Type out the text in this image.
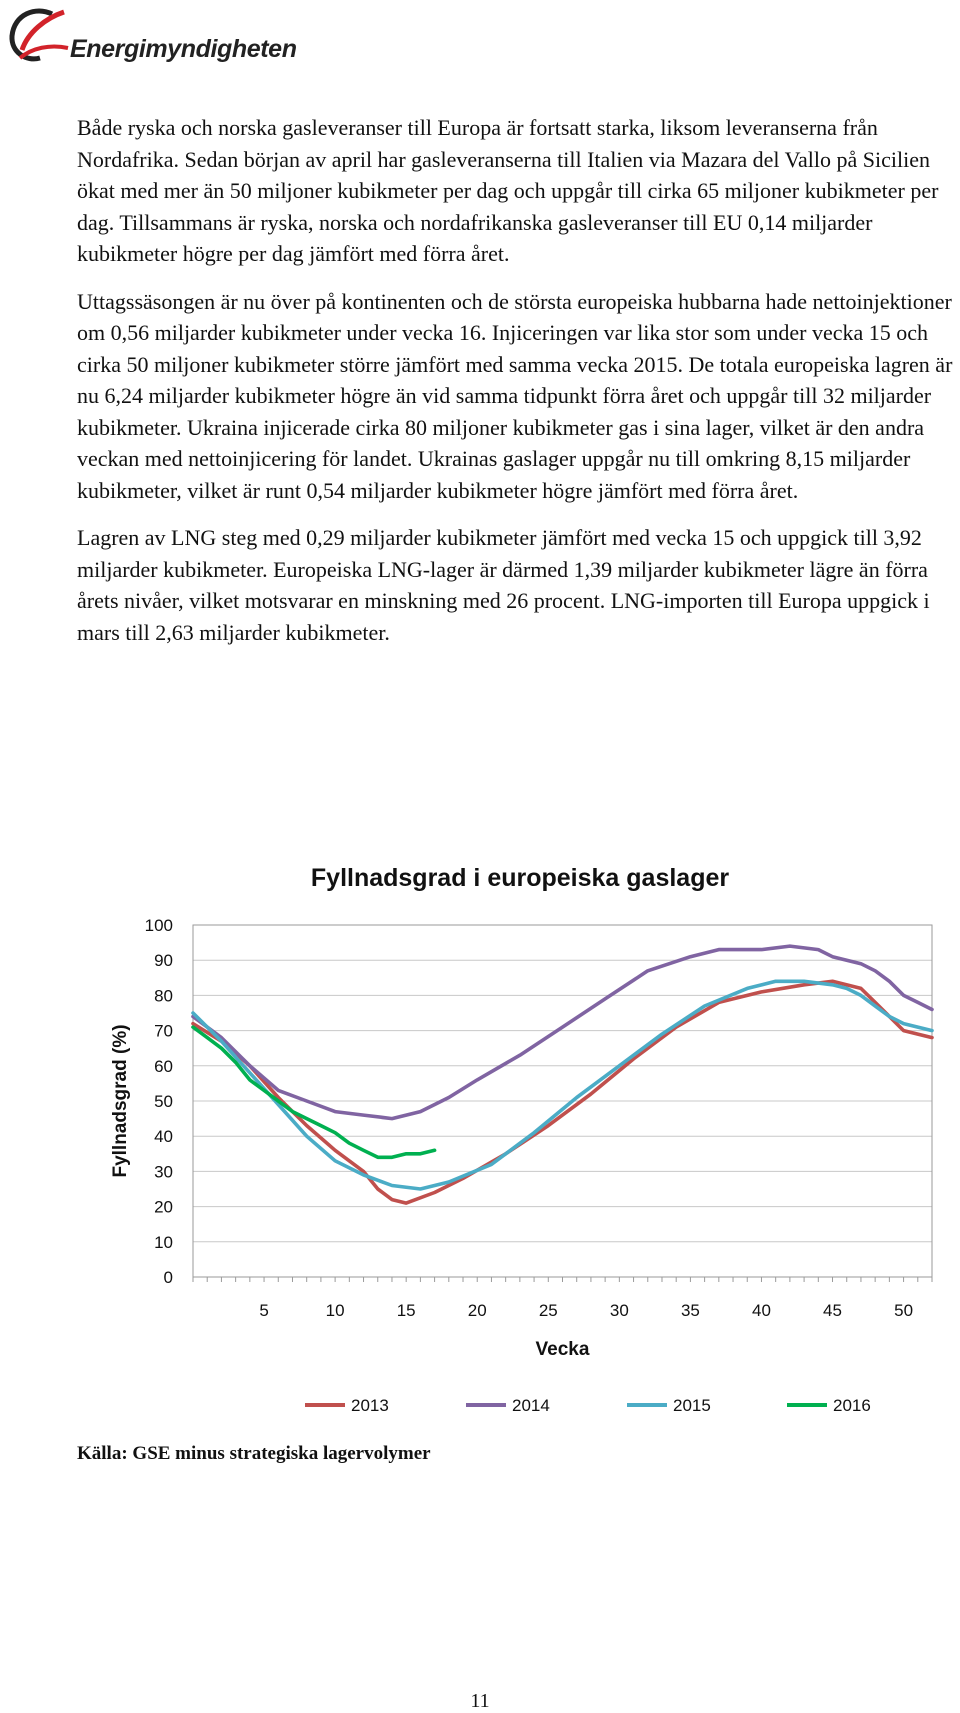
Energimyndigheten

Både ryska och norska gasleveranser till Europa är fortsatt starka, liksom leveranserna från Nordafrika. Sedan början av april har gasleveranserna till Italien via Mazara del Vallo på Sicilien ökat med mer än 50 miljoner kubikmeter per dag och uppgår till cirka 65 miljoner kubikmeter per dag. Tillsammans är ryska, norska och nordafrikanska gasleveranser till EU 0,14 miljarder kubikmeter högre per dag jämfört med förra året.

Uttagssäsongen är nu över på kontinenten och de största europeiska hubbarna hade nettoinjektioner om 0,56 miljarder kubikmeter under vecka 16. Injiceringen var lika stor som under vecka 15 och cirka 50 miljoner kubikmeter större jämfört med samma vecka 2015. De totala europeiska lagren är nu 6,24 miljarder kubikmeter högre än vid samma tidpunkt förra året och uppgår till 32 miljarder kubikmeter. Ukraina injicerade cirka 80 miljoner kubikmeter gas i sina lager, vilket är den andra veckan med nettoinjicering för landet. Ukrainas gaslager uppgår nu till omkring 8,15 miljarder kubikmeter, vilket är runt 0,54 miljarder kubikmeter högre jämfört med förra året.

Lagren av LNG steg med 0,29 miljarder kubikmeter jämfört med vecka 15 och uppgick till 3,92 miljarder kubikmeter. Europeiska LNG-lager är därmed 1,39 miljarder kubikmeter lägre än förra årets nivåer, vilket motsvarar en minskning med 26 procent. LNG-importen till Europa uppgick i mars till 2,63 miljarder kubikmeter.

Fyllnadsgrad i europeiska gaslager
0
10
20
30
40
50
60
70
80
90
100
5	10	15	20	25	30	35	40	45	50
Fyllnadsgrad (%)
Vecka
2013	2014	2015	2016
Källa: GSE minus strategiska lagervolymer
11
